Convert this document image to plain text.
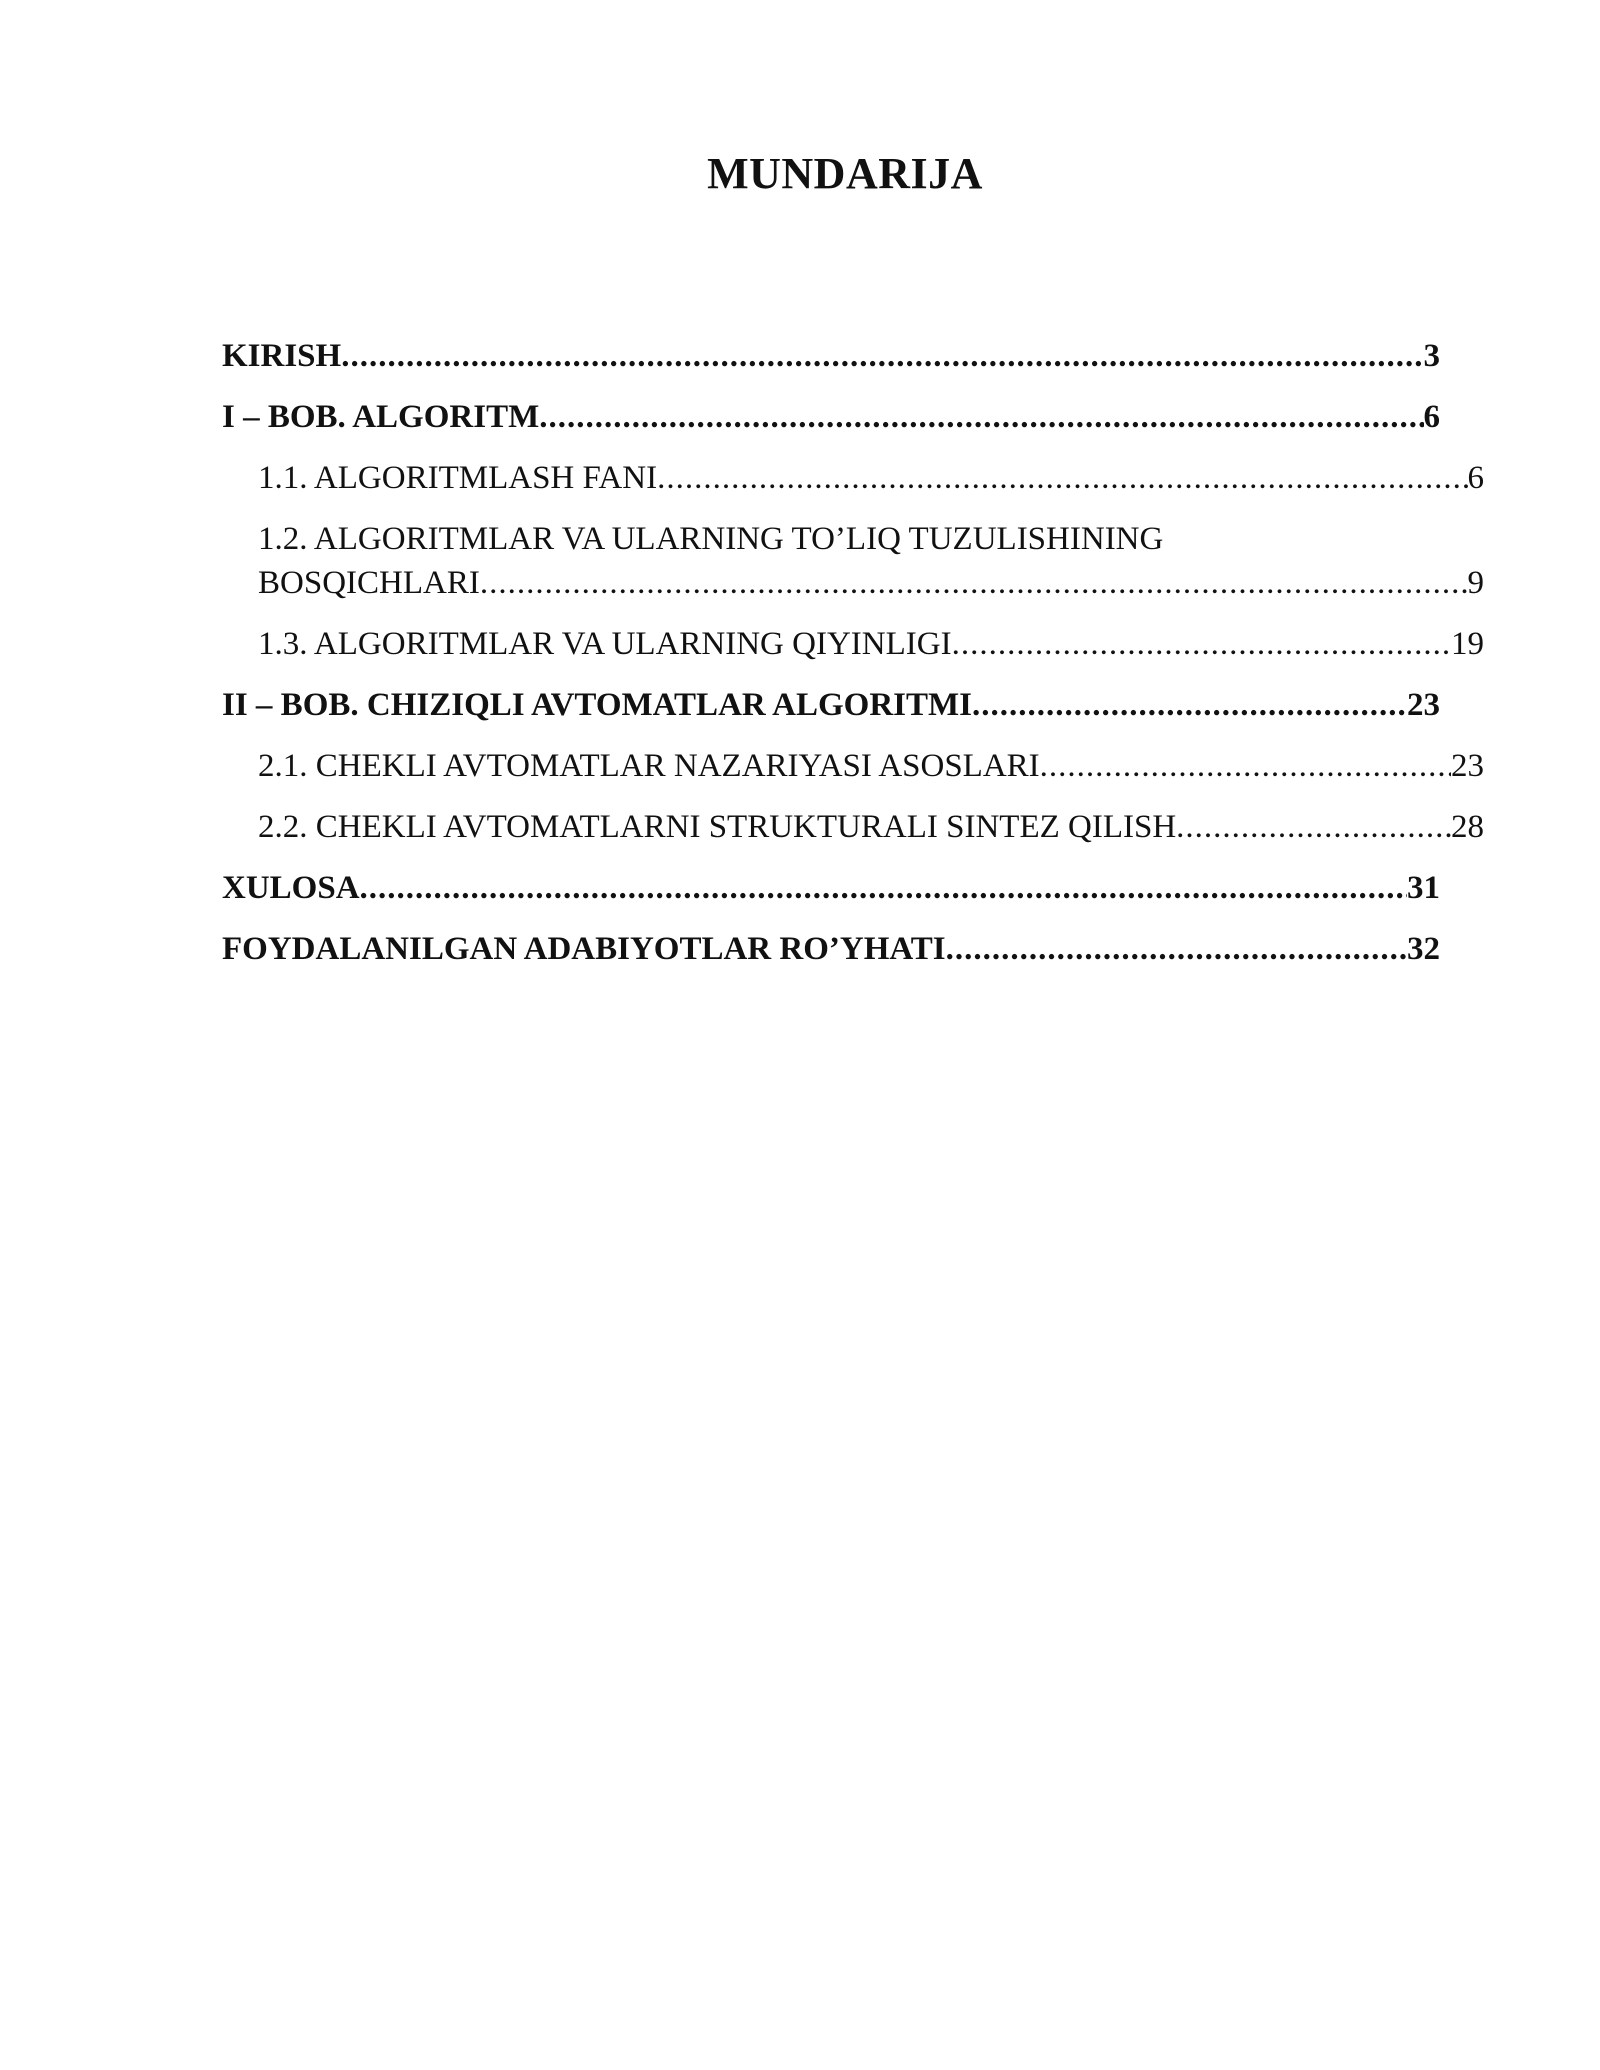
MUNDARIJA
KIRISH .....	3
I – BOB. ALGORITM .....	6
1.1. ALGORITMLASH FANI .....	6
1.2. ALGORITMLAR VA ULARNING TO’LIQ TUZULISHINING
BOSQICHLARI .....	9
1.3. ALGORITMLAR VA ULARNING QIYINLIGI .....	19
II – BOB. CHIZIQLI AVTOMATLAR ALGORITMI .....	23
2.1. CHEKLI AVTOMATLAR NAZARIYASI ASOSLARI .....	23
2.2. CHEKLI AVTOMATLARNI STRUKTURALI SINTEZ QILISH .....	28
XULOSA .....	31
FOYDALANILGAN ADABIYOTLAR RO’YHATI .....	32
